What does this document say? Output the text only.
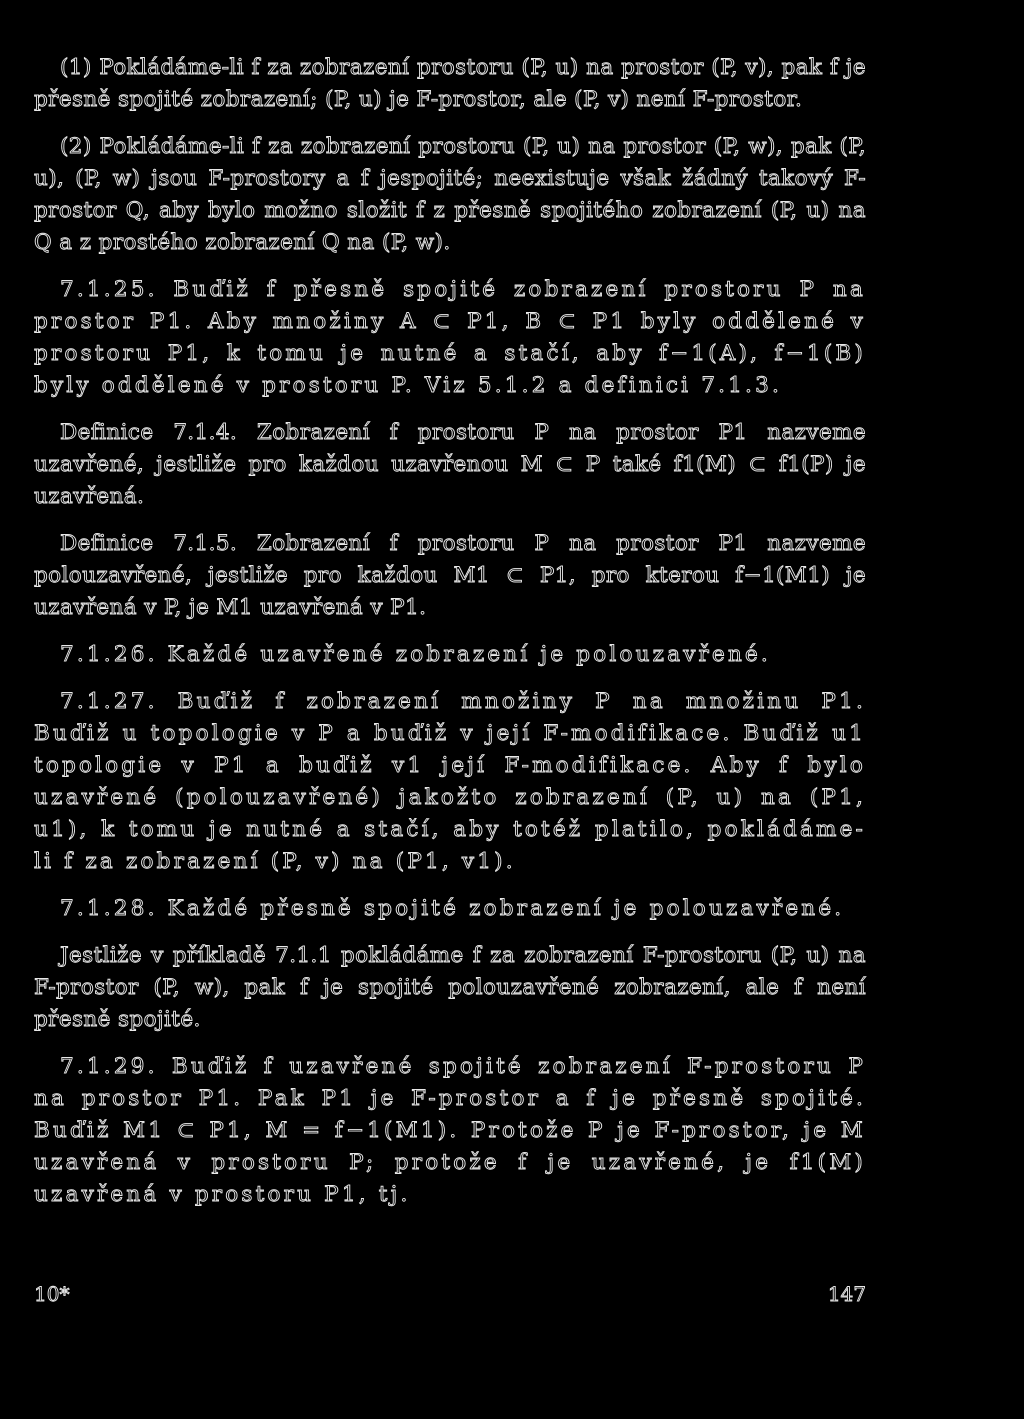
(1) Pokládáme-li f za zobrazení prostoru (P, u) na prostor (P, v), pak f je přesně spojité zobrazení; (P, u) je F-prostor, ale (P, v) není F-prostor.

(2) Pokládáme-li f za zobrazení prostoru (P, u) na prostor (P, w), pak (P, u), (P, w) jsou F-prostory a f jespojité; neexistuje však žádný takový F-prostor Q, aby bylo možno složit f z přesně spojitého zobrazení (P, u) na Q a z prostého zobrazení Q na (P, w).

7.1.25. Buďiž f přesně spojité zobrazení prostoru P na prostor P1. Aby množiny A ⊂ P1, B ⊂ P1 byly oddělené v prostoru P1, k tomu je nutné a stačí, aby f−1(A), f−1(B) byly oddělené v prostoru P. Viz 5.1.2 a definici 7.1.3.

Definice 7.1.4. Zobrazení f prostoru P na prostor P1 nazveme uzavřené, jestliže pro každou uzavřenou M ⊂ P také f1(M) ⊂ f1(P) je uzavřená.

Definice 7.1.5. Zobrazení f prostoru P na prostor P1 nazveme polouzavřené, jestliže pro každou M1 ⊂ P1, pro kterou f−1(M1) je uzavřená v P, je M1 uzavřená v P1.

7.1.26. Každé uzavřené zobrazení je polouzavřené.

7.1.27. Buďiž f zobrazení množiny P na množinu P1. Buďiž u topologie v P a buďiž v její F-modifikace. Buďiž u1 topologie v P1 a buďiž v1 její F-modifikace. Aby f bylo uzavřené (polouzavřené) jakožto zobrazení (P, u) na (P1, u1), k tomu je nutné a stačí, aby totéž platilo, pokládáme-li f za zobrazení (P, v) na (P1, v1).

7.1.28. Každé přesně spojité zobrazení je polouzavřené.

Jestliže v příkladě 7.1.1 pokládáme f za zobrazení F-prostoru (P, u) na F-prostor (P, w), pak f je spojité polouzavřené zobrazení, ale f není přesně spojité.

7.1.29. Buďiž f uzavřené spojité zobrazení F-prostoru P na prostor P1. Pak P1 je F-prostor a f je přesně spojité. Buďiž M1 ⊂ P1, M = f−1(M1). Protože P je F-prostor, je M uzavřená v prostoru P; protože f je uzavřené, je f1(M) uzavřená v prostoru P1, tj.

10*	147
